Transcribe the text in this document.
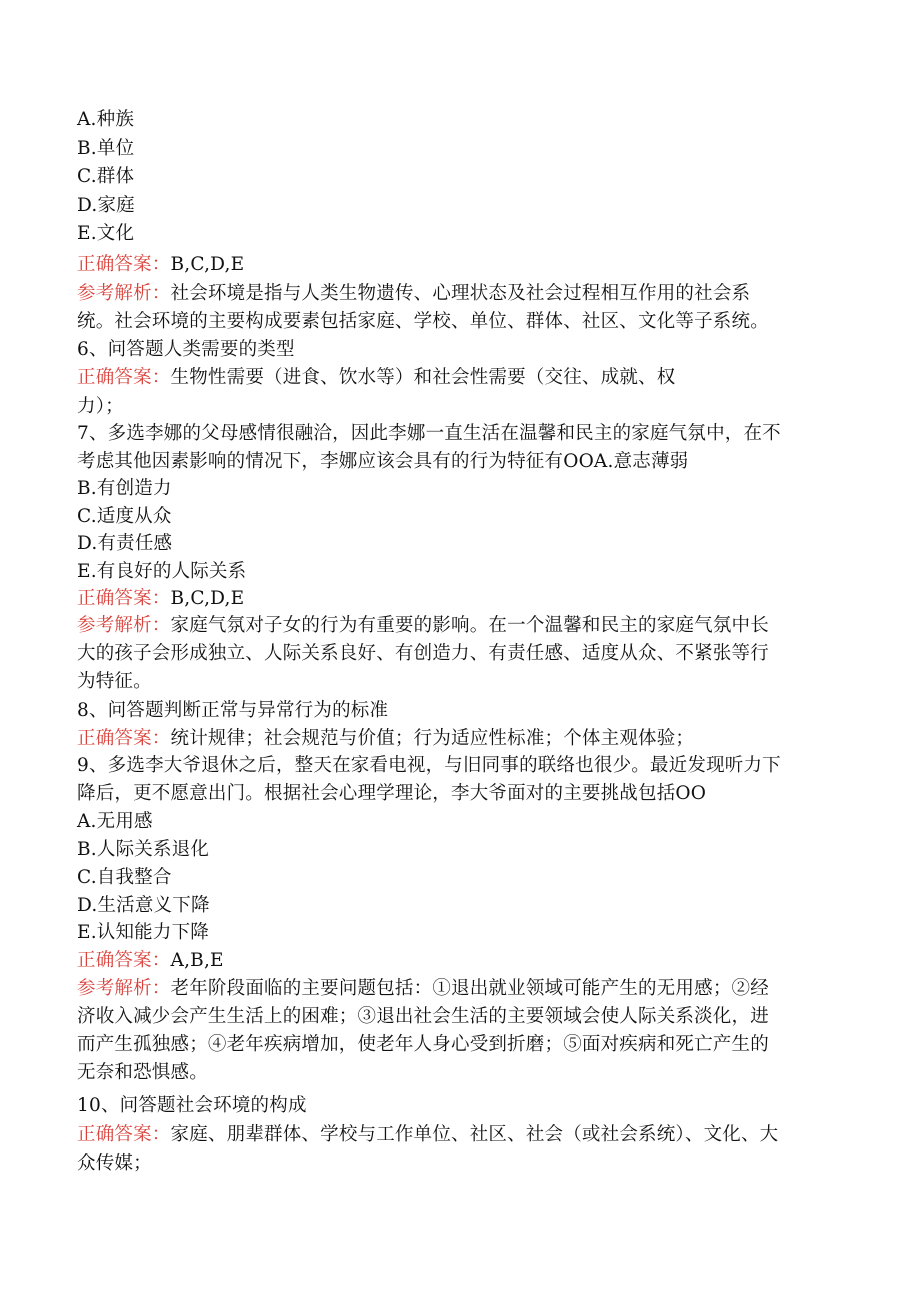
A.种族

B.单位

C.群体

D.家庭

E.文化

正确答案：B,C,D,E

参考解析：社会环境是指与人类生物遗传、心理状态及社会过程相互作用的社会系

统。社会环境的主要构成要素包括家庭、学校、单位、群体、社区、文化等子系统。

6、问答题人类需要的类型

正确答案：生物性需要（进食、饮水等）和社会性需要（交往、成就、权

力）；

7、多选李娜的父母感情很融洽，因此李娜一直生活在温馨和民主的家庭气氛中，在不

考虑其他因素影响的情况下，李娜应该会具有的行为特征有OOA.意志薄弱

B.有创造力

C.适度从众

D.有责任感

E.有良好的人际关系

正确答案：B,C,D,E

参考解析：家庭气氛对子女的行为有重要的影响。在一个温馨和民主的家庭气氛中长

大的孩子会形成独立、人际关系良好、有创造力、有责任感、适度从众、不紧张等行

为特征。

8、问答题判断正常与异常行为的标准

正确答案：统计规律；社会规范与价值；行为适应性标准；个体主观体验；

9、多选李大爷退休之后，整天在家看电视，与旧同事的联络也很少。最近发现听力下

降后，更不愿意出门。根据社会心理学理论，李大爷面对的主要挑战包括OO

A.无用感

B.人际关系退化

C.自我整合

D.生活意义下降

E.认知能力下降

正确答案：A,B,E

参考解析：老年阶段面临的主要问题包括：①退出就业领域可能产生的无用感；②经

济收入减少会产生生活上的困难；③退出社会生活的主要领域会使人际关系淡化，进

而产生孤独感；④老年疾病增加，使老年人身心受到折磨；⑤面对疾病和死亡产生的

无奈和恐惧感。

10、问答题社会环境的构成

正确答案：家庭、朋辈群体、学校与工作单位、社区、社会（或社会系统）、文化、大

众传媒；
